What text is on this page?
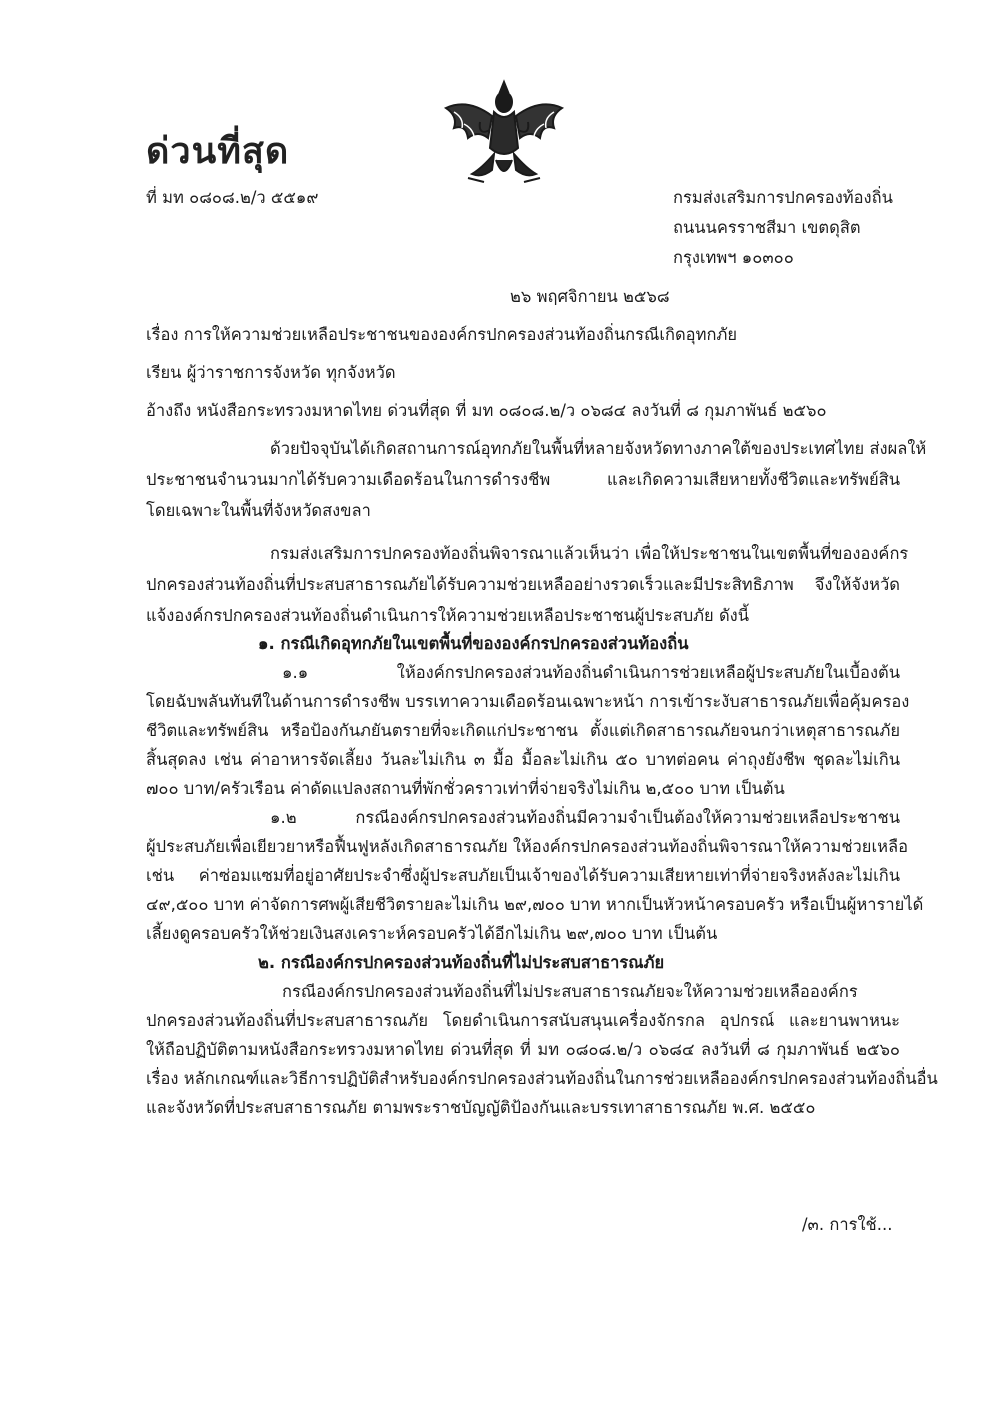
ด่วนที่สุด
ที่ มท ๐๘๐๘.๒/ว ๕๕๑๙	กรมส่งเสริมการปกครองท้องถิ่น
ถนนนครราชสีมา เขตดุสิต
กรุงเทพฯ ๑๐๓๐๐
๒๖ พฤศจิกายน ๒๕๖๘
เรื่อง การให้ความช่วยเหลือประชาชนขององค์กรปกครองส่วนท้องถิ่นกรณีเกิดอุทกภัย
เรียน ผู้ว่าราชการจังหวัด ทุกจังหวัด
อ้างถึง หนังสือกระทรวงมหาดไทย ด่วนที่สุด ที่ มท ๐๘๐๘.๒/ว ๐๖๘๔ ลงวันที่ ๘ กุมภาพันธ์ ๒๕๖๐
ด้วยปัจจุบันได้เกิดสถานการณ์อุทกภัยในพื้นที่หลายจังหวัดทางภาคใต้ของประเทศไทย ส่งผลให้
ประชาชนจำนวนมากได้รับความเดือดร้อนในการดำรงชีพ และเกิดความเสียหายทั้งชีวิตและทรัพย์สิน
โดยเฉพาะในพื้นที่จังหวัดสงขลา
กรมส่งเสริมการปกครองท้องถิ่นพิจารณาแล้วเห็นว่า เพื่อให้ประชาชนในเขตพื้นที่ขององค์กร
ปกครองส่วนท้องถิ่นที่ประสบสาธารณภัยได้รับความช่วยเหลืออย่างรวดเร็วและมีประสิทธิภาพ จึงให้จังหวัด
แจ้งองค์กรปกครองส่วนท้องถิ่นดำเนินการให้ความช่วยเหลือประชาชนผู้ประสบภัย ดังนี้
๑. กรณีเกิดอุทกภัยในเขตพื้นที่ขององค์กรปกครองส่วนท้องถิ่น
๑.๑ ให้องค์กรปกครองส่วนท้องถิ่นดำเนินการช่วยเหลือผู้ประสบภัยในเบื้องต้น
โดยฉับพลันทันทีในด้านการดำรงชีพ บรรเทาความเดือดร้อนเฉพาะหน้า การเข้าระงับสาธารณภัยเพื่อคุ้มครอง
ชีวิตและทรัพย์สิน หรือป้องกันภยันตรายที่จะเกิดแก่ประชาชน ตั้งแต่เกิดสาธารณภัยจนกว่าเหตุสาธารณภัย
สิ้นสุดลง เช่น ค่าอาหารจัดเลี้ยง วันละไม่เกิน ๓ มื้อ มื้อละไม่เกิน ๕๐ บาทต่อคน ค่าถุงยังชีพ ชุดละไม่เกิน
๗๐๐ บาท/ครัวเรือน ค่าดัดแปลงสถานที่พักชั่วคราวเท่าที่จ่ายจริงไม่เกิน ๒,๕๐๐ บาท เป็นต้น
๑.๒ กรณีองค์กรปกครองส่วนท้องถิ่นมีความจำเป็นต้องให้ความช่วยเหลือประชาชน
ผู้ประสบภัยเพื่อเยียวยาหรือฟื้นฟูหลังเกิดสาธารณภัย ให้องค์กรปกครองส่วนท้องถิ่นพิจารณาให้ความช่วยเหลือ
เช่น ค่าซ่อมแซมที่อยู่อาศัยประจำซึ่งผู้ประสบภัยเป็นเจ้าของได้รับความเสียหายเท่าที่จ่ายจริงหลังละไม่เกิน
๔๙,๕๐๐ บาท ค่าจัดการศพผู้เสียชีวิตรายละไม่เกิน ๒๙,๗๐๐ บาท หากเป็นหัวหน้าครอบครัว หรือเป็นผู้หารายได้
เลี้ยงดูครอบครัวให้ช่วยเงินสงเคราะห์ครอบครัวได้อีกไม่เกิน ๒๙,๗๐๐ บาท เป็นต้น
๒. กรณีองค์กรปกครองส่วนท้องถิ่นที่ไม่ประสบสาธารณภัย
กรณีองค์กรปกครองส่วนท้องถิ่นที่ไม่ประสบสาธารณภัยจะให้ความช่วยเหลือองค์กร
ปกครองส่วนท้องถิ่นที่ประสบสาธารณภัย โดยดำเนินการสนับสนุนเครื่องจักรกล อุปกรณ์ และยานพาหนะ
ให้ถือปฏิบัติตามหนังสือกระทรวงมหาดไทย ด่วนที่สุด ที่ มท ๐๘๐๘.๒/ว ๐๖๘๔ ลงวันที่ ๘ กุมภาพันธ์ ๒๕๖๐
เรื่อง หลักเกณฑ์และวิธีการปฏิบัติสำหรับองค์กรปกครองส่วนท้องถิ่นในการช่วยเหลือองค์กรปกครองส่วนท้องถิ่นอื่น
และจังหวัดที่ประสบสาธารณภัย ตามพระราชบัญญัติป้องกันและบรรเทาสาธารณภัย พ.ศ. ๒๕๕๐
/๓. การใช้...
